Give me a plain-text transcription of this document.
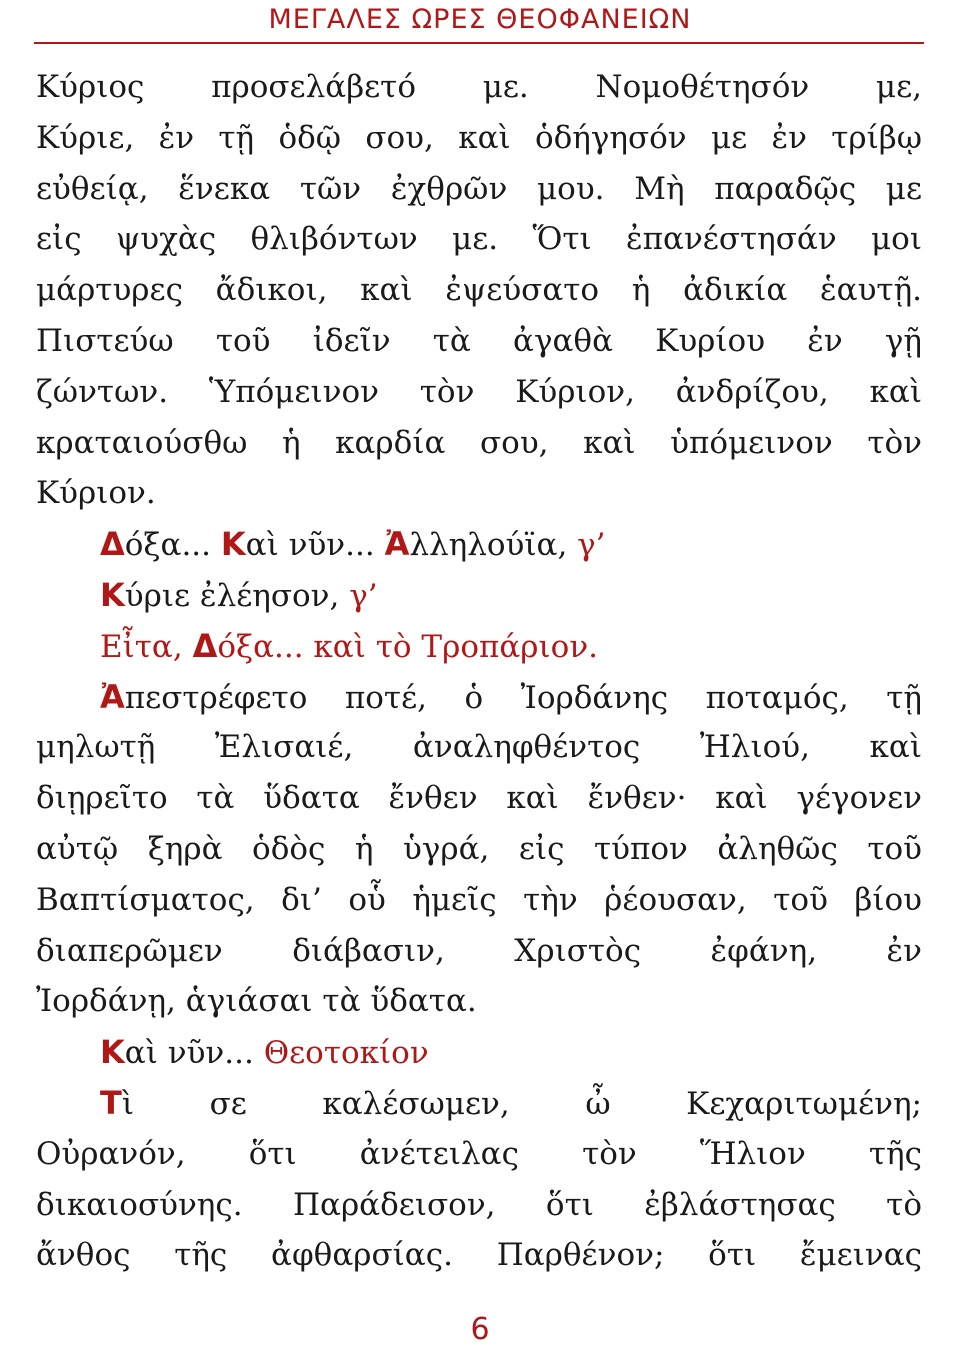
ΜΕΓΑΛΕΣ ΩΡΕΣ ΘΕΟΦΑΝΕΙΩΝ
Κύριος προσελάβετό με. Νομοθέτησόν με,
Κύριε, ἐν τῇ ὁδῷ σου, καὶ ὁδήγησόν με ἐν τρίβῳ
εὐθείᾳ, ἕνεκα τῶν ἐχθρῶν μου. Μὴ παραδῷς με
εἰς ψυχὰς θλιβόντων με. Ὅτι ἐπανέστησάν μοι
μάρτυρες ἄδικοι, καὶ ἐψεύσατο ἡ ἀδικία ἑαυτῇ.
Πιστεύω τοῦ ἰδεῖν τὰ ἀγαθὰ Κυρίου ἐν γῇ
ζώντων. Ὑπόμεινον τὸν Κύριον, ἀνδρίζου, καὶ
κραταιούσθω ἡ καρδία σου, καὶ ὑπόμεινον τὸν
Κύριον.
Δόξα... Καὶ νῦν... Ἀλληλούϊα, γ’
Κύριε ἐλέησον, γ’
Εἶτα, Δόξα... καὶ τὸ Τροπάριον.
Ἀπεστρέφετο ποτέ, ὁ Ἰορδάνης ποταμός, τῇ
μηλωτῇ Ἐλισαιέ, ἀναληφθέντος Ἠλιού, καὶ
διῃρεῖτο τὰ ὕδατα ἔνθεν καὶ ἔνθεν· καὶ γέγονεν
αὐτῷ ξηρὰ ὁδὸς ἡ ὑγρά, εἰς τύπον ἀληθῶς τοῦ
Βαπτίσματος, δι’ οὗ ἡμεῖς τὴν ῥέουσαν, τοῦ βίου
διαπερῶμεν διάβασιν, Χριστὸς ἐφάνη, ἐν
Ἰορδάνῃ, ἁγιάσαι τὰ ὕδατα.
Καὶ νῦν... Θεοτοκίον
Τὶ σε καλέσωμεν, ὦ Κεχαριτωμένη;
Οὐρανόν, ὅτι ἀνέτειλας τὸν Ἥλιον τῆς
δικαιοσύνης. Παράδεισον, ὅτι ἐβλάστησας τὸ
ἄνθος τῆς ἀφθαρσίας. Παρθένον; ὅτι ἔμεινας
6
